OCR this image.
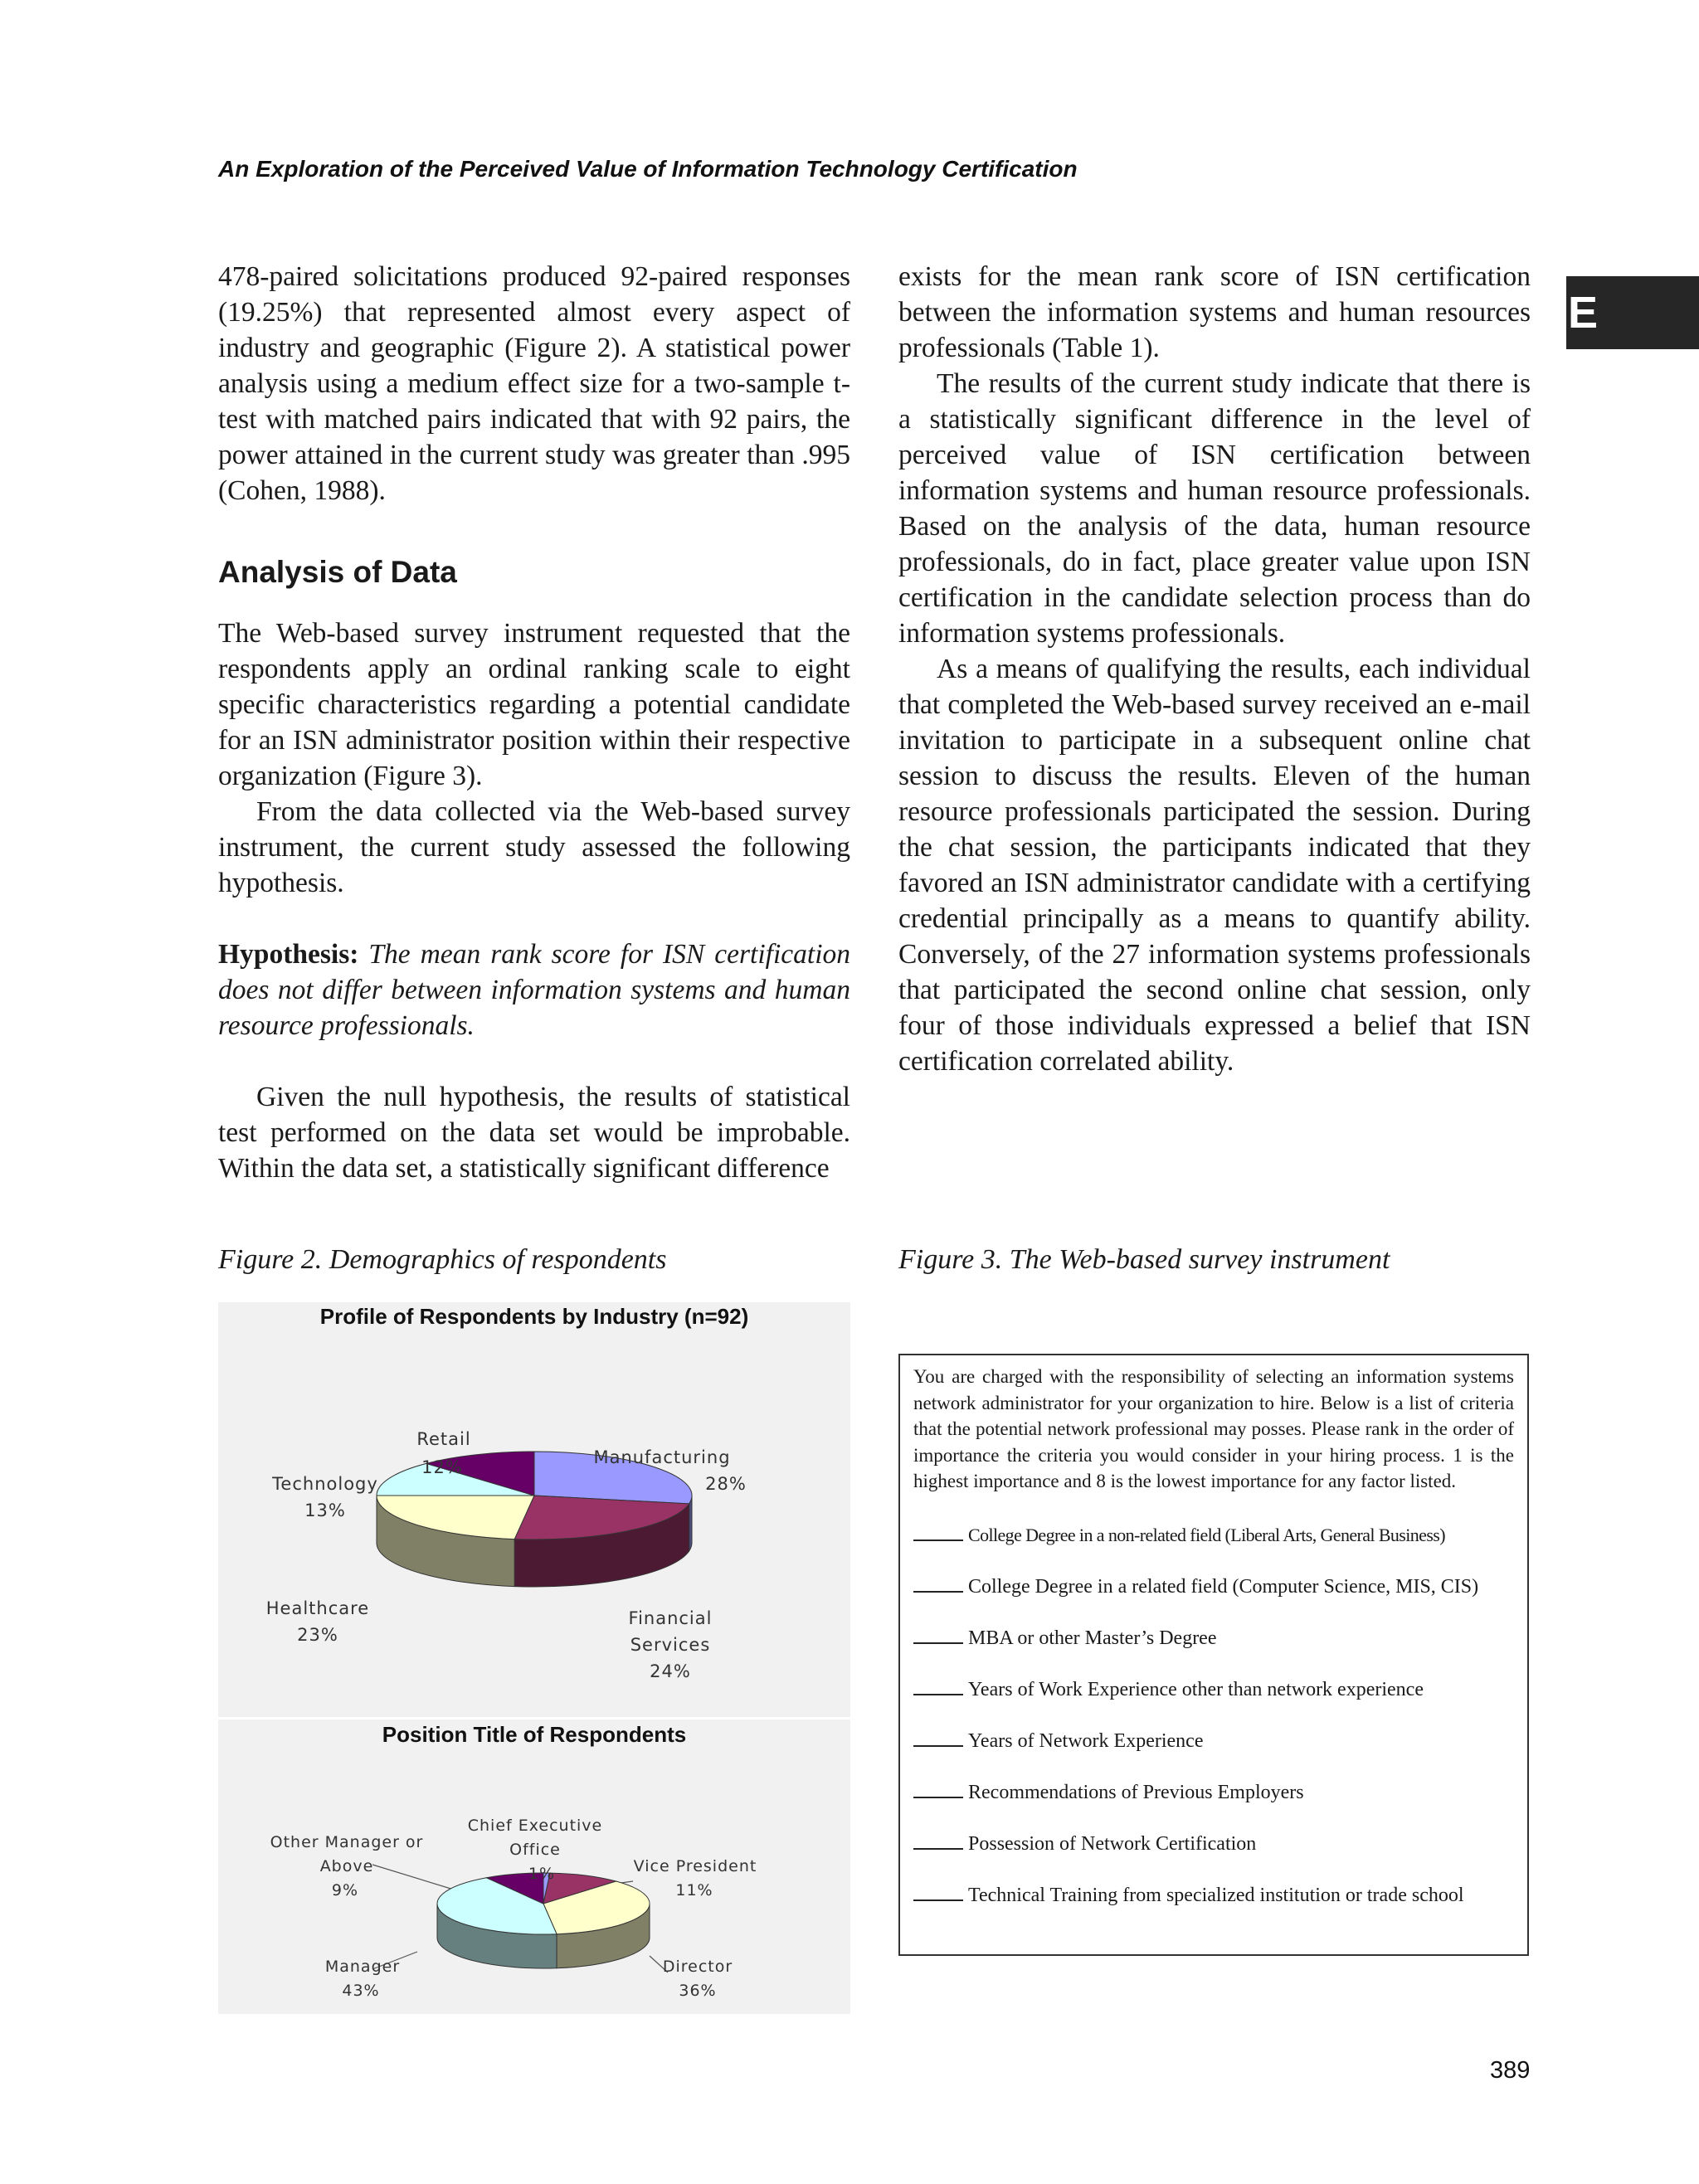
An Exploration of the Perceived Value of Information Technology Certification
E

478-paired solicitations produced 92-paired responses (19.25%) that represented almost every aspect of industry and geographic (Figure 2). A statistical power analysis using a medium effect size for a two-sample t-test with matched pairs indicated that with 92 pairs, the power attained in the current study was greater than .995 (Cohen, 1988).

Analysis of Data

The Web-based survey instrument requested that the respondents apply an ordinal ranking scale to eight specific characteristics regarding a potential candidate for an ISN administrator position within their respective organization (Figure 3).

From the data collected via the Web-based survey instrument, the current study assessed the following hypothesis.

Hypothesis: The mean rank score for ISN certification does not differ between information systems and human resource professionals.

Given the null hypothesis, the results of statistical test performed on the data set would be improbable. Within the data set, a statistically significant difference

exists for the mean rank score of ISN certification between the information systems and human resources professionals (Table 1).

The results of the current study indicate that there is a statistically significant difference in the level of perceived value of ISN certification between information systems and human resource professionals. Based on the analysis of the data, human resource professionals, do in fact, place greater value upon ISN certification in the candidate selection process than do information systems professionals.

As a means of qualifying the results, each individual that completed the Web-based survey received an e-mail invitation to participate in a subsequent online chat session to discuss the results. Eleven of the human resource professionals participated the session. During the chat session, the participants indicated that they favored an ISN administrator candidate with a certifying credential principally as a means to quantify ability. Conversely, of the 27 information systems professionals that participated the second online chat session, only four of those individuals expressed a belief that ISN certification correlated ability.

Figure 2. Demographics of respondents	Figure 3. The Web-based survey instrument
Profile of Respondents by Industry (n=92)
Manufacturing
28%
Financial
Services
24%
Healthcare
23%
Technology
13%
Retail
12%
Position Title of Respondents
Chief Executive
Office
1%	Vice President
11%
Director
36%
Manager
43%
Other Manager or
Above
9%

You are charged with the responsibility of selecting an information systems network administrator for your organization to hire. Below is a list of criteria that the potential network professional may posses. Please rank in the order of importance the criteria you would consider in your hiring process. 1 is the highest importance and 8 is the lowest importance for any factor listed.

College Degree in a non-related field (Liberal Arts, General Business)
College Degree in a related field (Computer Science, MIS, CIS)
MBA or other Master’s Degree
Years of Work Experience other than network experience
Years of Network Experience
Recommendations of Previous Employers
Possession of Network Certification
Technical Training from specialized institution or trade school
389
